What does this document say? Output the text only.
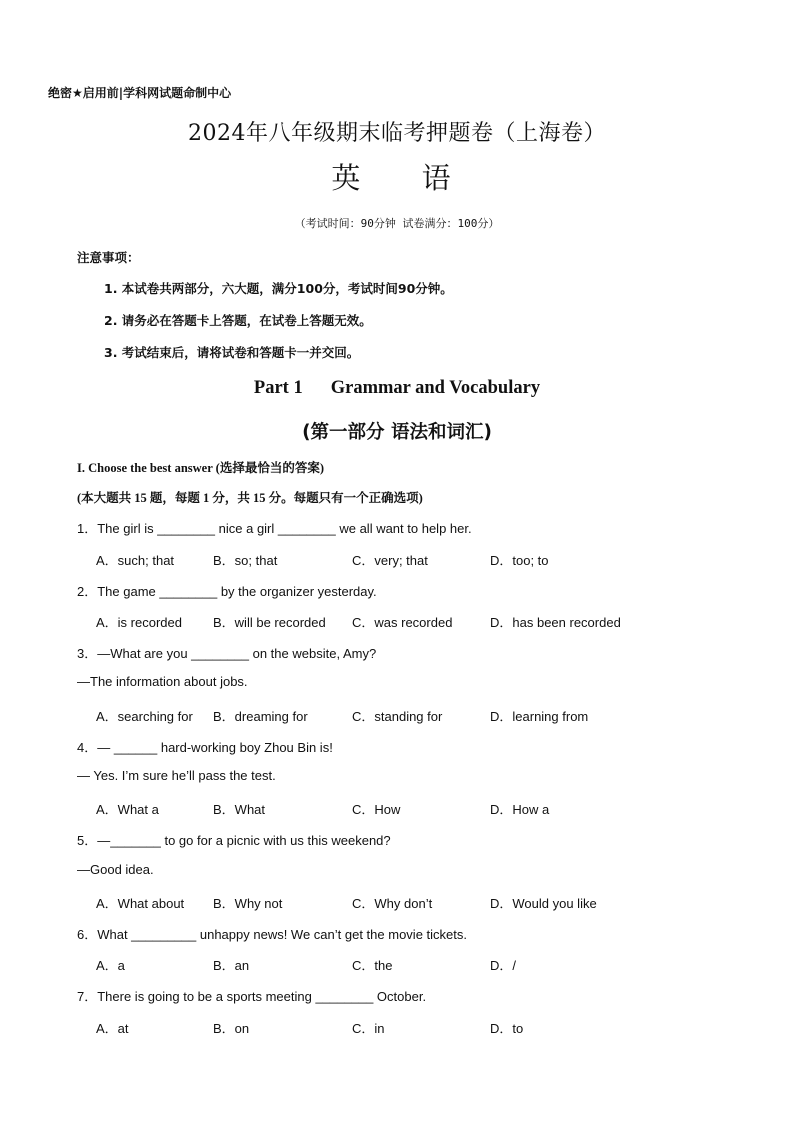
绝密★启用前|学科网试题命制中心
2024年八年级期末临考押题卷（上海卷）
英 语
（考试时间：90分钟 试卷满分：100分）
注意事项：
1. 本试卷共两部分，六大题，满分100分，考试时间90分钟。
2. 请务必在答题卡上答题，在试卷上答题无效。
3. 考试结束后，请将试卷和答题卡一并交回。
Part 1 Grammar and Vocabulary
(第一部分 语法和词汇)
I. Choose the best answer (选择最恰当的答案)
(本大题共 15 题，每题 1 分，共 15 分。每题只有一个正确选项)
1．The girl is ________ nice a girl ________ we all want to help her.
A．such; that	B．so; that	C．very; that	D．too; to
2．The game ________ by the organizer yesterday.
A．is recorded B．will be recorded C．was recorded	D．has been recorded
3．—What are you ________ on the website, Amy?
—The information about jobs.
A．searching for B．dreaming for	C．standing for	D．learning from
4．— ______ hard-working boy Zhou Bin is!
— Yes. I’m sure he’ll pass the test.
A．What a	B．What	C．How	D．How a
5．—_______ to go for a picnic with us this weekend?
—Good idea.
A．What about B．Why not	C．Why don’t	D．Would you like
6．What _________ unhappy news! We can’t get the movie tickets.
A．a	B．an	C．the	D．/
7．There is going to be a sports meeting ________ October.
A．at	B．on	C．in	D．to
